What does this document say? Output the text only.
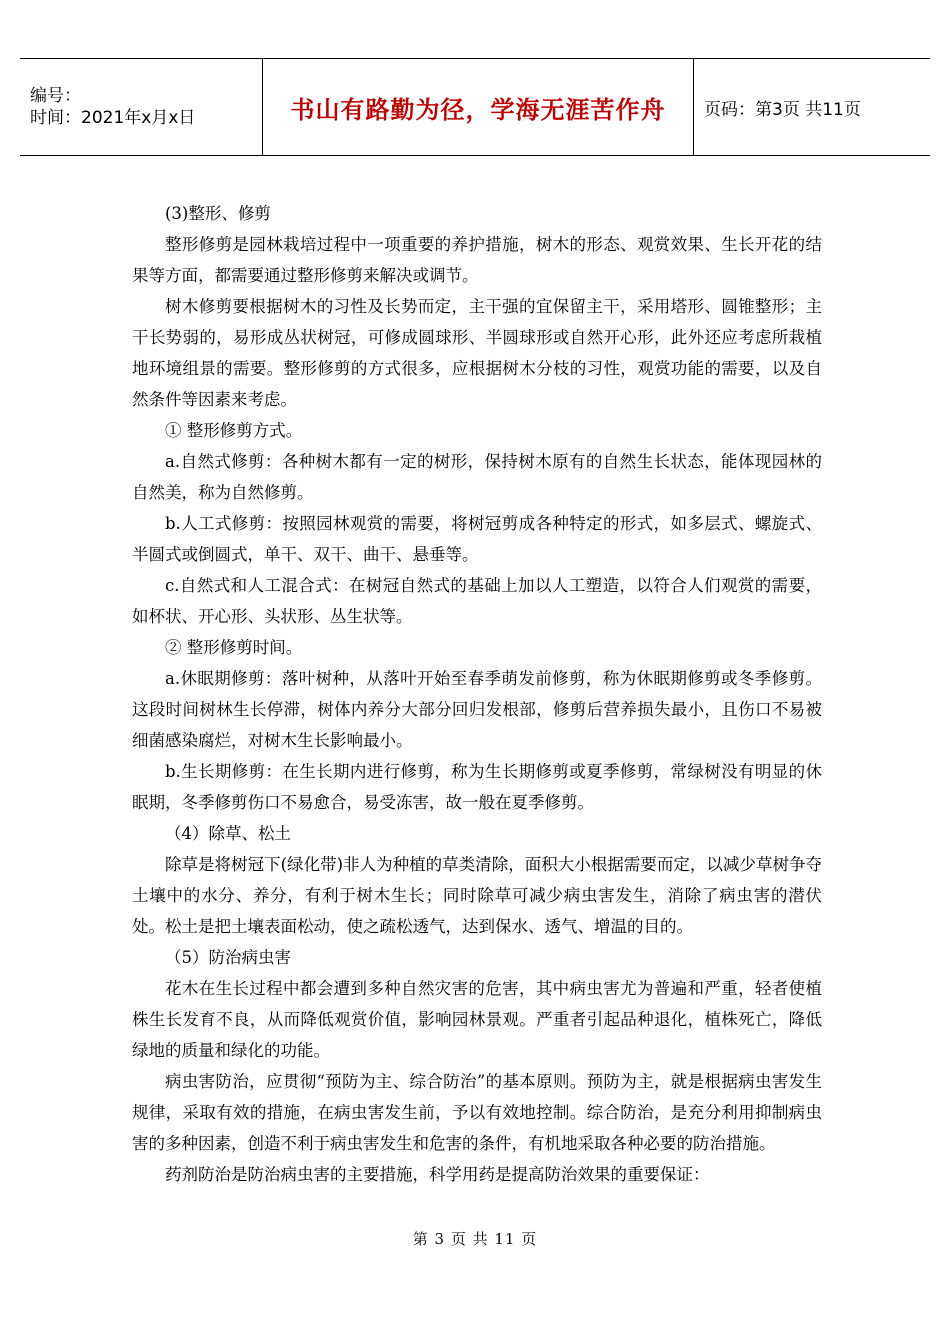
编号：
时间：2021年x月x日	书山有路勤为径，学海无涯苦作舟	页码：第3页 共11页

(3)整形、修剪

整形修剪是园林栽培过程中一项重要的养护措施，树木的形态、观赏效果、生长开花的结果等方面，都需要通过整形修剪来解决或调节。

树木修剪要根据树木的习性及长势而定，主干强的宜保留主干，采用塔形、圆锥整形；主干长势弱的，易形成丛状树冠，可修成圆球形、半圆球形或自然开心形，此外还应考虑所栽植地环境组景的需要。整形修剪的方式很多，应根据树木分枝的习性，观赏功能的需要，以及自然条件等因素来考虑。

① 整形修剪方式。

a.自然式修剪：各种树木都有一定的树形，保持树木原有的自然生长状态，能体现园林的自然美，称为自然修剪。

b.人工式修剪：按照园林观赏的需要，将树冠剪成各种特定的形式，如多层式、螺旋式、半圆式或倒圆式，单干、双干、曲干、悬垂等。

c.自然式和人工混合式：在树冠自然式的基础上加以人工塑造，以符合人们观赏的需要，如杯状、开心形、头状形、丛生状等。

② 整形修剪时间。

a.休眠期修剪：落叶树种，从落叶开始至春季萌发前修剪，称为休眠期修剪或冬季修剪。这段时间树林生长停滞，树体内养分大部分回归发根部，修剪后营养损失最小，且伤口不易被细菌感染腐烂，对树木生长影响最小。

b.生长期修剪：在生长期内进行修剪，称为生长期修剪或夏季修剪，常绿树没有明显的休眠期，冬季修剪伤口不易愈合，易受冻害，故一般在夏季修剪。

（4）除草、松土

除草是将树冠下(绿化带)非人为种植的草类清除，面积大小根据需要而定，以减少草树争夺土壤中的水分、养分，有利于树木生长；同时除草可减少病虫害发生，消除了病虫害的潜伏处。松土是把土壤表面松动，使之疏松透气，达到保水、透气、增温的目的。

（5）防治病虫害

花木在生长过程中都会遭到多种自然灾害的危害，其中病虫害尤为普遍和严重，轻者使植株生长发育不良，从而降低观赏价值，影响园林景观。严重者引起品种退化，植株死亡，降低绿地的质量和绿化的功能。

病虫害防治，应贯彻“预防为主、综合防治”的基本原则。预防为主，就是根据病虫害发生规律，采取有效的措施，在病虫害发生前，予以有效地控制。综合防治，是充分利用抑制病虫害的多种因素，创造不利于病虫害发生和危害的条件，有机地采取各种必要的防治措施。

药剂防治是防治病虫害的主要措施，科学用药是提高防治效果的重要保证：

第 3 页 共 11 页
